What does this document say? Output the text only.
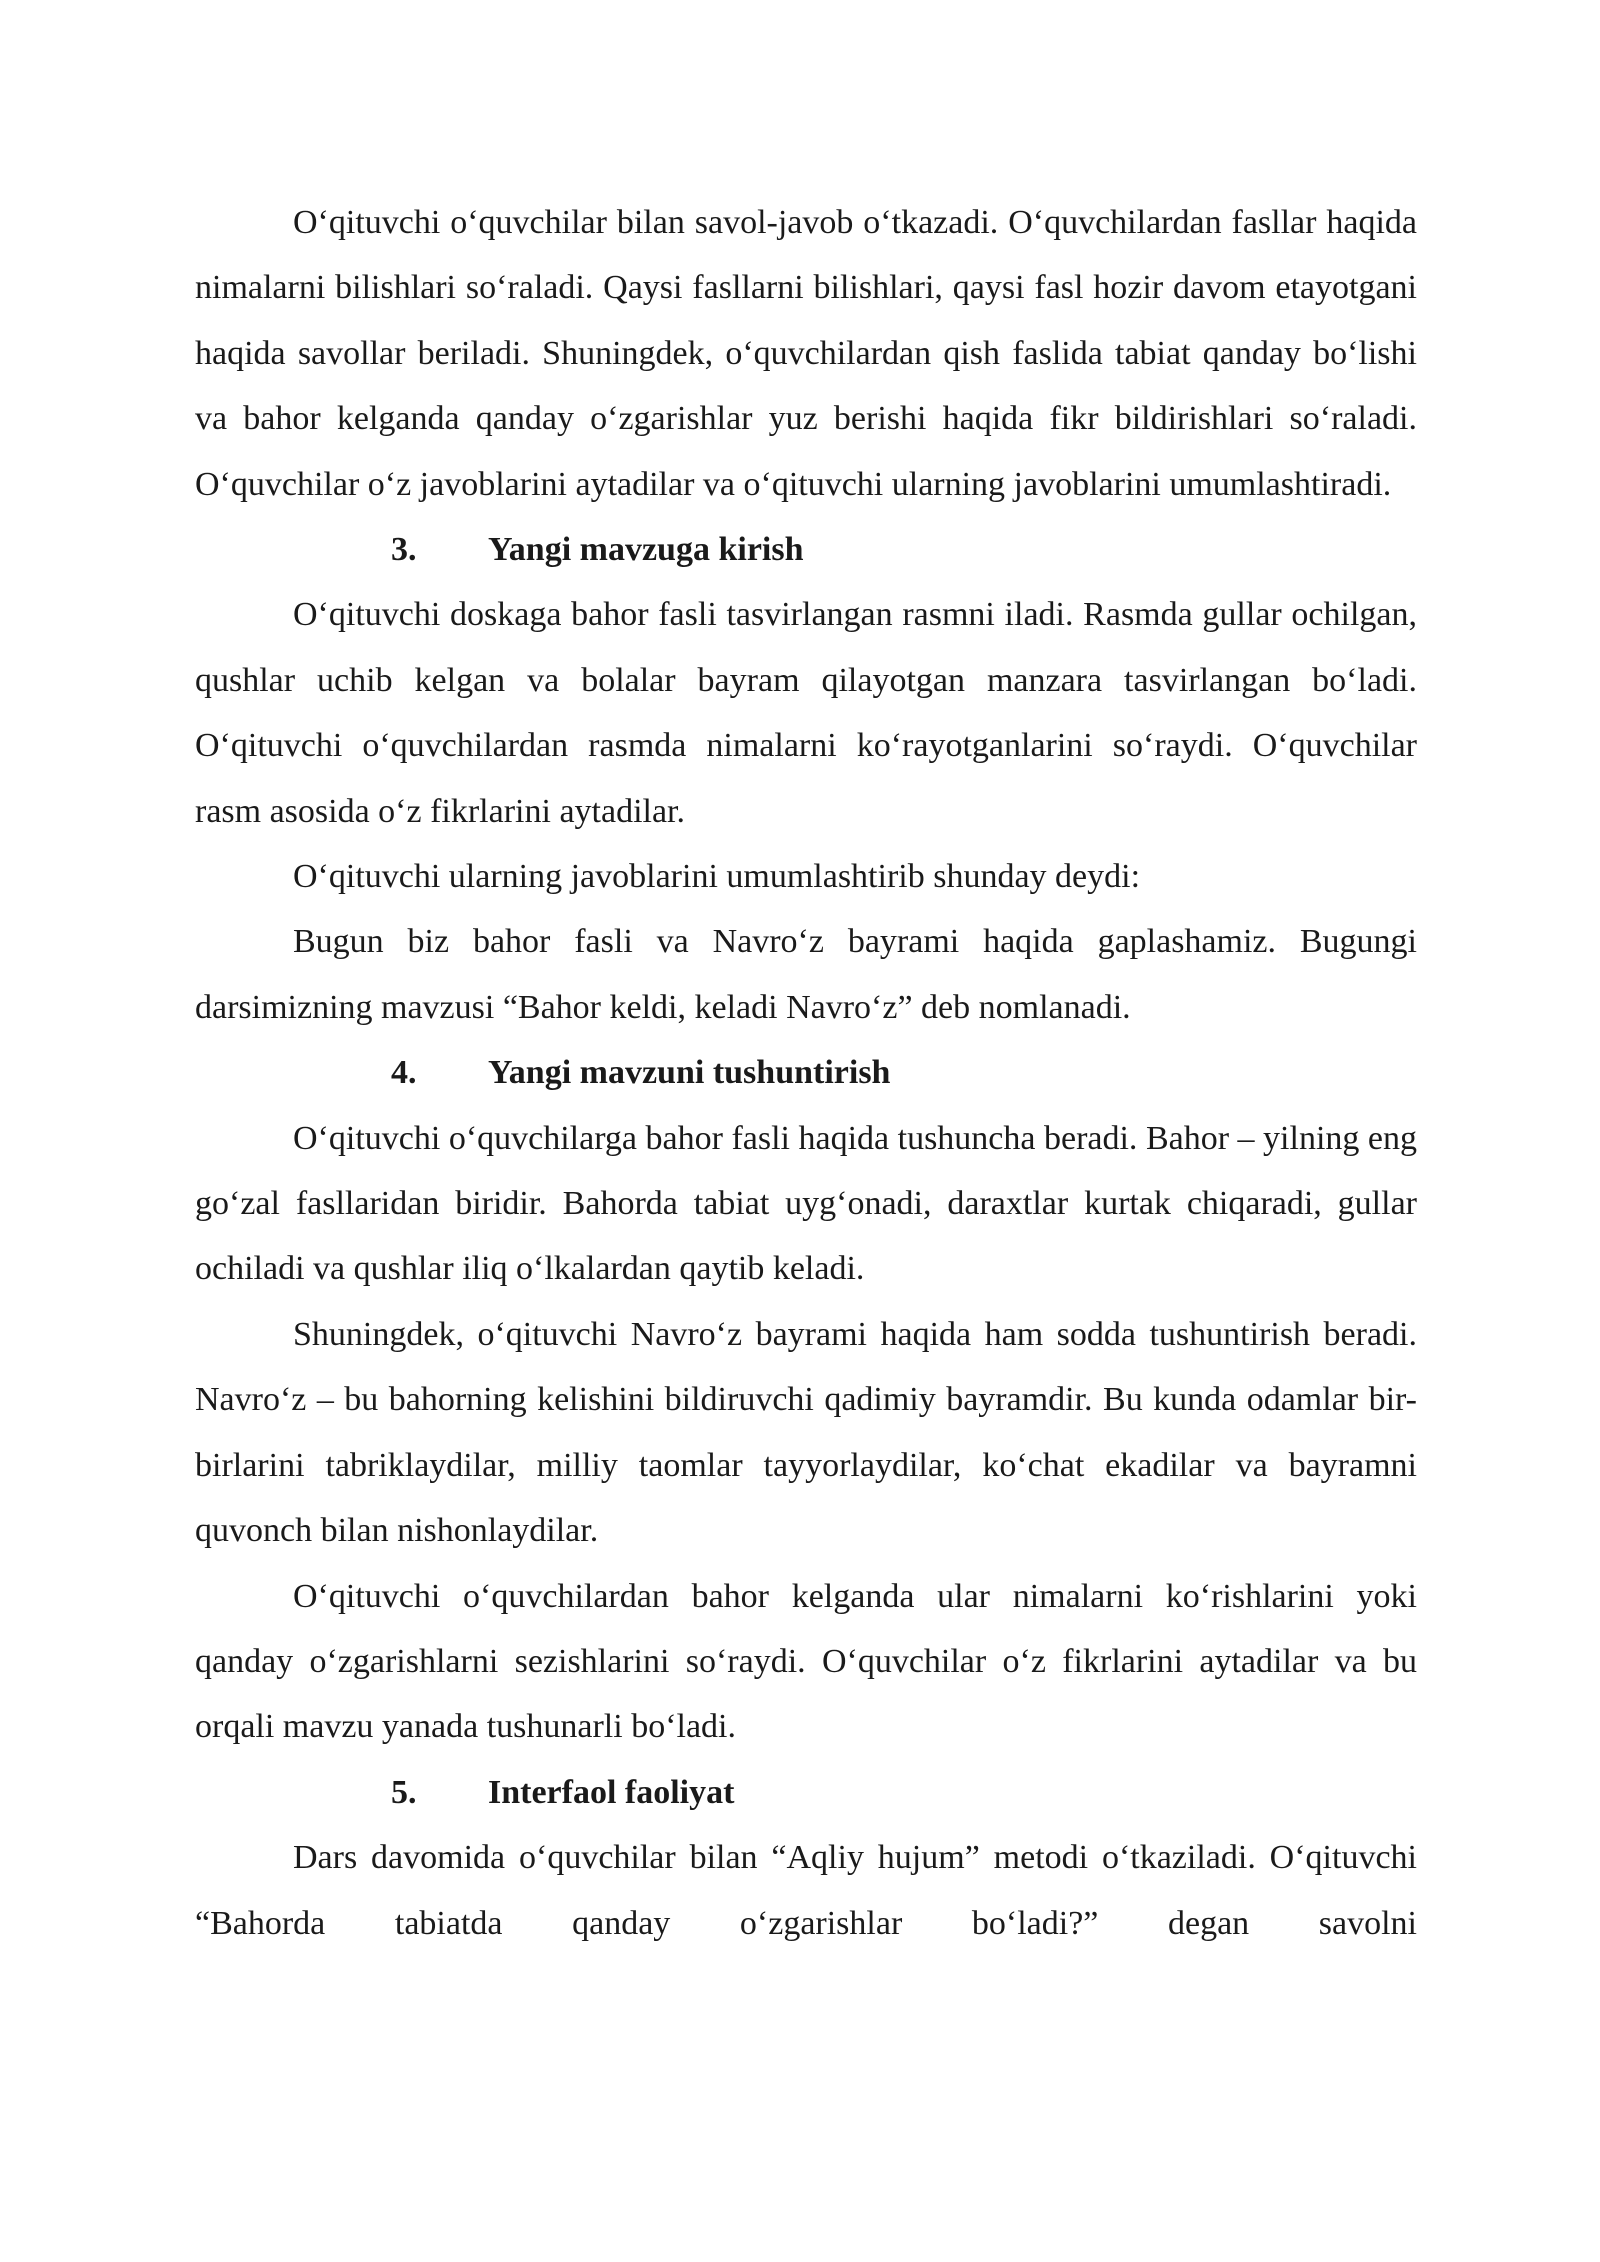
O‘qituvchi o‘quvchilar bilan savol-javob o‘tkazadi. O‘quvchilardan fasllar haqida nimalarni bilishlari so‘raladi. Qaysi fasllarni bilishlari, qaysi fasl hozir davom etayotgani haqida savollar beriladi. Shuningdek, o‘quvchilardan qish faslida tabiat qanday bo‘lishi va bahor kelganda qanday o‘zgarishlar yuz berishi haqida fikr bildirishlari so‘raladi. O‘quvchilar o‘z javoblarini aytadilar va o‘qituvchi ularning javoblarini umumlashtiradi.

3. Yangi mavzuga kirish

O‘qituvchi doskaga bahor fasli tasvirlangan rasmni iladi. Rasmda gullar ochilgan, qushlar uchib kelgan va bolalar bayram qilayotgan manzara tasvirlangan bo‘ladi. O‘qituvchi o‘quvchilardan rasmda nimalarni ko‘rayotganlarini so‘raydi. O‘quvchilar rasm asosida o‘z fikrlarini aytadilar.

O‘qituvchi ularning javoblarini umumlashtirib shunday deydi:

Bugun biz bahor fasli va Navro‘z bayrami haqida gaplashamiz. Bugungi darsimizning mavzusi “Bahor keldi, keladi Navro‘z” deb nomlanadi.

4. Yangi mavzuni tushuntirish

O‘qituvchi o‘quvchilarga bahor fasli haqida tushuncha beradi. Bahor – yilning eng go‘zal fasllaridan biridir. Bahorda tabiat uyg‘onadi, daraxtlar kurtak chiqaradi, gullar ochiladi va qushlar iliq o‘lkalardan qaytib keladi.

Shuningdek, o‘qituvchi Navro‘z bayrami haqida ham sodda tushuntirish beradi. Navro‘z – bu bahorning kelishini bildiruvchi qadimiy bayramdir. Bu kunda odamlar bir-birlarini tabriklaydilar, milliy taomlar tayyorlaydilar, ko‘chat ekadilar va bayramni quvonch bilan nishonlaydilar.

O‘qituvchi o‘quvchilardan bahor kelganda ular nimalarni ko‘rishlarini yoki qanday o‘zgarishlarni sezishlarini so‘raydi. O‘quvchilar o‘z fikrlarini aytadilar va bu orqali mavzu yanada tushunarli bo‘ladi.

5. Interfaol faoliyat

Dars davomida o‘quvchilar bilan “Aqliy hujum” metodi o‘tkaziladi. O‘qituvchi “Bahorda tabiatda qanday o‘zgarishlar bo‘ladi?” degan savolni
